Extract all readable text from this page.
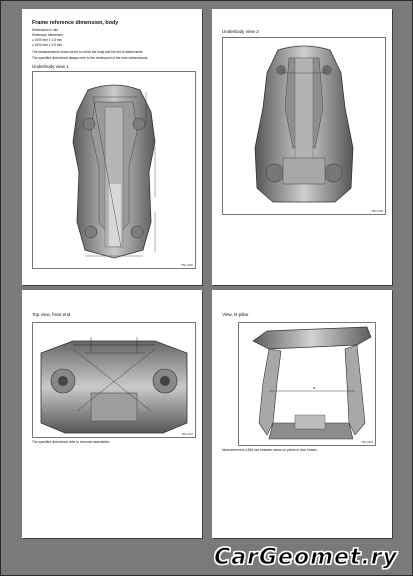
Frame reference dimension, body
Dimensions in mm
Dimension tolerances:
≤ 1000 mm ± 1.5 mm
≥ 1000 mm ± 2.5 mm
The measurements shown serve to check the body and the set of attachments.
The specified dimensions always refer to the centerpoint of the bore holes/cutouts.
Underbody view 1
TBH-1506
Underbody view 2
TBH-1508
Top view, front end
TBH-1511
The specified dimensions refer to removed assemblies.
View, B-pillar
a
TBH-1509
Measurement a=1544 mm between screw-on points of door braces.
CarGeomet.ry
